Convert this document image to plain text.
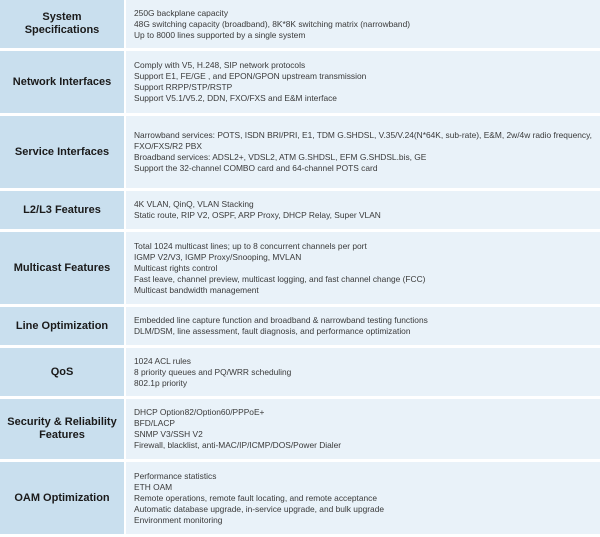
System Specifications	250G backplane capacity
48G switching capacity (broadband), 8K*8K switching matrix (narrowband)
Up to 8000 lines supported by a single system
Network Interfaces	Comply with V5, H.248, SIP network protocols
Support E1, FE/GE , and EPON/GPON upstream transmission
Support RRPP/STP/RSTP
Support V5.1/V5.2, DDN, FXO/FXS and E&M interface
Service Interfaces	Narrowband services: POTS, ISDN BRI/PRI, E1, TDM G.SHDSL, V.35/V.24(N*64K, sub-rate), E&M, 2w/4w radio frequency, FXO/FXS/R2 PBX
Broadband services: ADSL2+, VDSL2, ATM G.SHDSL, EFM G.SHDSL.bis, GE
Support the 32-channel COMBO card and 64-channel POTS card
L2/L3 Features	4K VLAN, QinQ, VLAN Stacking
Static route, RIP V2, OSPF, ARP Proxy, DHCP Relay, Super VLAN
Multicast Features	Total 1024 multicast lines; up to 8 concurrent channels per port
IGMP V2/V3, IGMP Proxy/Snooping, MVLAN
Multicast rights control
Fast leave, channel preview, multicast logging, and fast channel change (FCC)
Multicast bandwidth management
Line Optimization	Embedded line capture function and broadband & narrowband testing functions
DLM/DSM, line assessment, fault diagnosis, and performance optimization
QoS	1024 ACL rules
8 priority queues and PQ/WRR scheduling
802.1p priority
Security & Reliability Features	DHCP Option82/Option60/PPPoE+
BFD/LACP
SNMP V3/SSH V2
Firewall, blacklist, anti-MAC/IP/ICMP/DOS/Power Dialer
OAM Optimization	Performance statistics
ETH OAM
Remote operations, remote fault locating, and remote acceptance
Automatic database upgrade, in-service upgrade, and bulk upgrade
Environment monitoring
